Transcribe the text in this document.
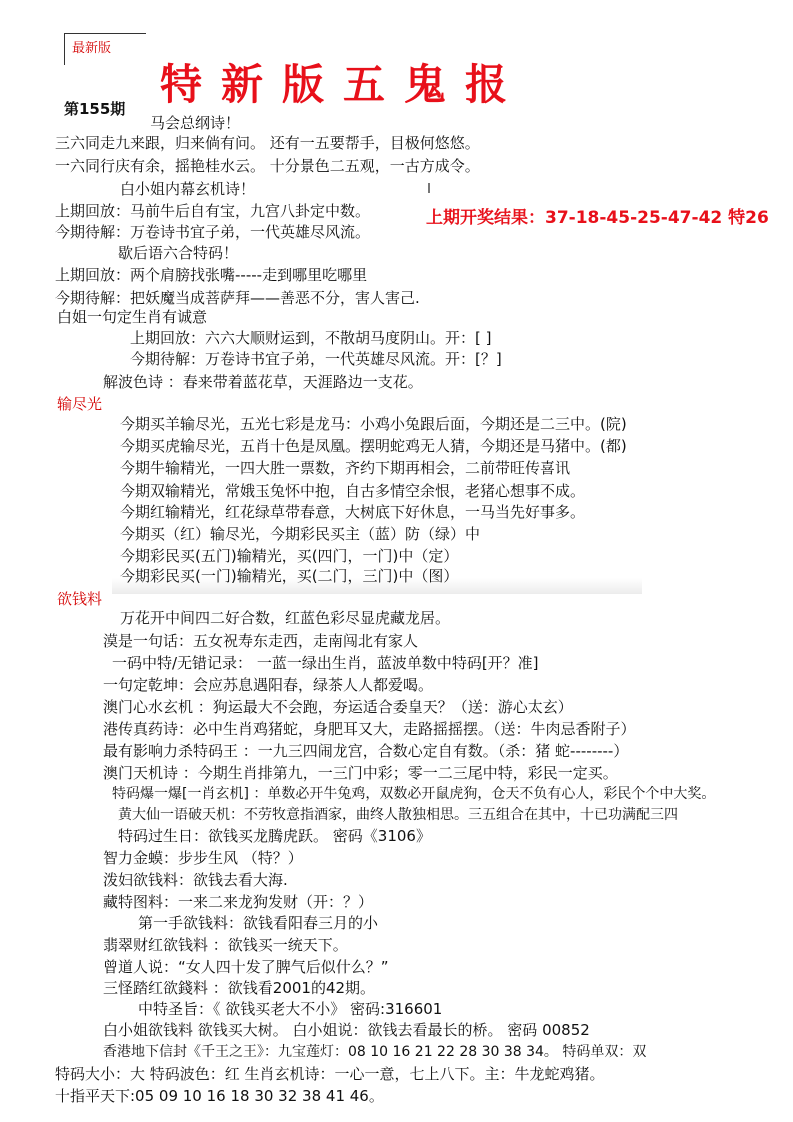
最新版
特新版五鬼报
第155期
马会总纲诗！
三六同走九来跟，归来倘有问。 还有一五要帮手，目极何悠悠。
一六同行庆有余，摇艳桂水云。 十分景色二五观，一古方成令。
白小姐内幕玄机诗！
上期回放：马前牛后自有宝，九宫八卦定中数。	上期开奖结果：37-18-45-25-47-42 特26
今期待解：万卷诗书宜子弟，一代英雄尽风流。
歇后语六合特码！
上期回放：两个肩膀找张嘴-----走到哪里吃哪里
今期待解：把妖魔当成菩萨拜——善恶不分，害人害己.
白姐一句定生肖有诚意
上期回放：六六大顺财运到，不散胡马度阴山。开：[ ]
今期待解：万卷诗书宜子弟，一代英雄尽风流。开：[？]
解波色诗 ：春来带着蓝花草，天涯路边一支花。
输尽光
今期买羊输尽光，五光七彩是龙马：小鸡小兔跟后面，今期还是二三中。(院)
今期买虎输尽光，五肖十色是凤凰。摆明蛇鸡无人猜，今期还是马猪中。(都)
今期牛输精光，一四大胜一票数，齐约下期再相会，二前带旺传喜讯
今期双输精光，常娥玉兔怀中抱，自古多情空余恨，老猪心想事不成。
今期红输精光，红花绿草带春意，大树底下好休息，一马当先好事多。
今期买（红）输尽光，今期彩民买主（蓝）防（绿）中
今期彩民买(五门)输精光，买(四门，一门)中（定）
今期彩民买(一门)输精光，买(二门，三门)中（图）
欲钱料
万花开中间四二好合数，红蓝色彩尽显虎藏龙居。
漠是一句话：五女祝寿东走西，走南闯北有家人
一码中特/无错记录： 一蓝一绿出生肖，蓝波单数中特码[开？准]
一句定乾坤：会应苏息遇阳春，绿茶人人都爱喝。
澳门心水玄机 ：狗运最大不会跑，夯运适合委皇天？（送：游心太玄）
港传真药诗：必中生肖鸡猪蛇，身肥耳又大，走路摇摇摆。（送：牛肉忌香附子）
最有影响力杀特码王 ：一九三四闹龙宫，合数心定自有数。（杀：猪 蛇--------）
澳门天机诗 ：今期生肖排第九，一三门中彩；零一二三尾中特，彩民一定买。
特码爆一爆[一肖玄机] ：单数必开牛兔鸡，双数必开鼠虎狗，仓天不负有心人，彩民个个中大奖。
黄大仙一语破天机：不劳牧意指酒家，曲终人散独相思。三五组合在其中，十已功满配三四
特码过生日：欲钱买龙腾虎跃。 密码《3106》
智力金蟆：步步生风 （特？）
泼妇欲钱料：欲钱去看大海.
藏特图料：一来二来龙狗发财（开：？）
第一手欲钱料：欲钱看阳春三月的小
翡翠财红欲钱料 ：欲钱买一统天下。
曾道人说：“女人四十发了脾气后似什么？”
三怪踏红欲錢料 ：欲钱看2001的42期。
中特圣旨：《 欲钱买老大不小》 密码:316601
白小姐欲钱料 欲钱买大树。 白小姐说：欲钱去看最长的桥。 密码 00852
香港地下信封《千王之王》：九宝莲灯：08 10 16 21 22 28 30 38 34。 特码单双：双
特码大小：大 特码波色：红 生肖玄机诗：一心一意，七上八下。主：牛龙蛇鸡猪。
十指平天下:05 09 10 16 18 30 32 38 41 46。
